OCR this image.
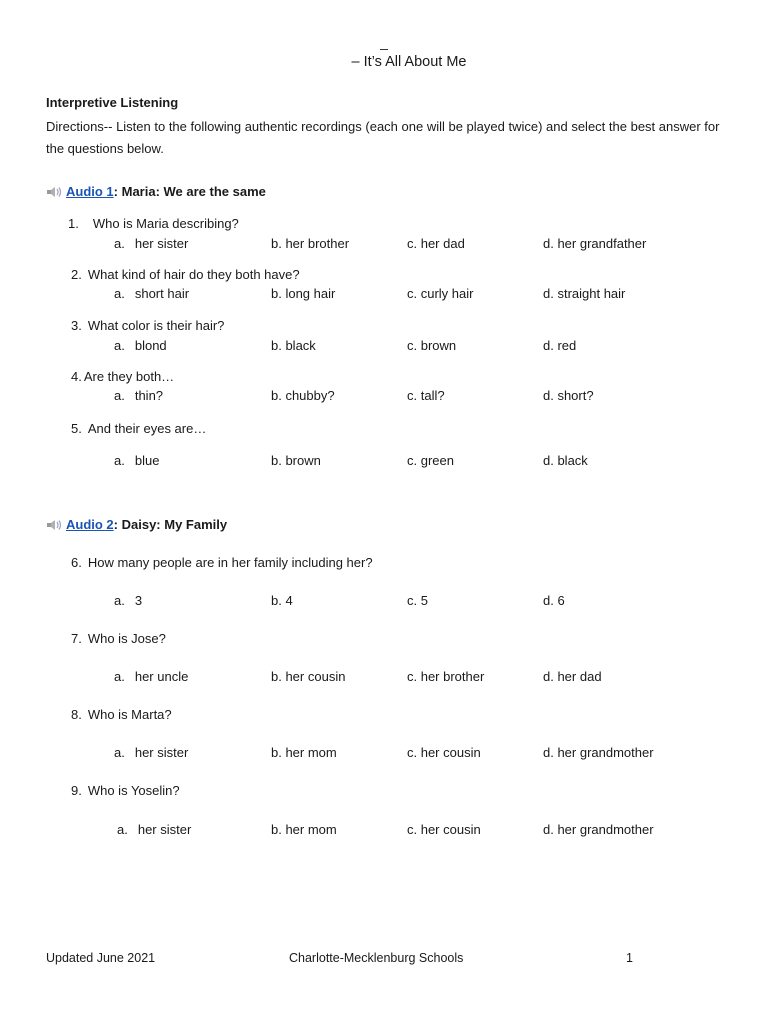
_
– It’s All About Me
Interpretive Listening
Directions-- Listen to the following authentic recordings (each one will be played twice) and select the best answer for the questions below.
Audio 1 : Maria: We are the same
Audio 2 : Daisy: My Family
1. Who is Maria describing?
a. her sister	b. her brother	c. her dad	d. her grandfather
2. What kind of hair do they both have?
a. short hair	b. long hair	c. curly hair	d. straight hair
3. What color is their hair?
a. blond	b. black	c. brown	d. red
4. Are they both…
a. thin?	b. chubby?	c. tall?	d. short?
5. And their eyes are…
a. blue	b. brown	c. green	d. black
6. How many people are in her family including her?
a. 3	b. 4	c. 5	d. 6
7. Who is Jose?
a. her uncle	b. her cousin	c. her brother	d. her dad
8. Who is Marta?
a. her sister	b. her mom	c. her cousin	d. her grandmother
9. Who is Yoselin?
a. her sister	b. her mom	c. her cousin	d. her grandmother
Updated June 2021	Charlotte-Mecklenburg Schools	1
